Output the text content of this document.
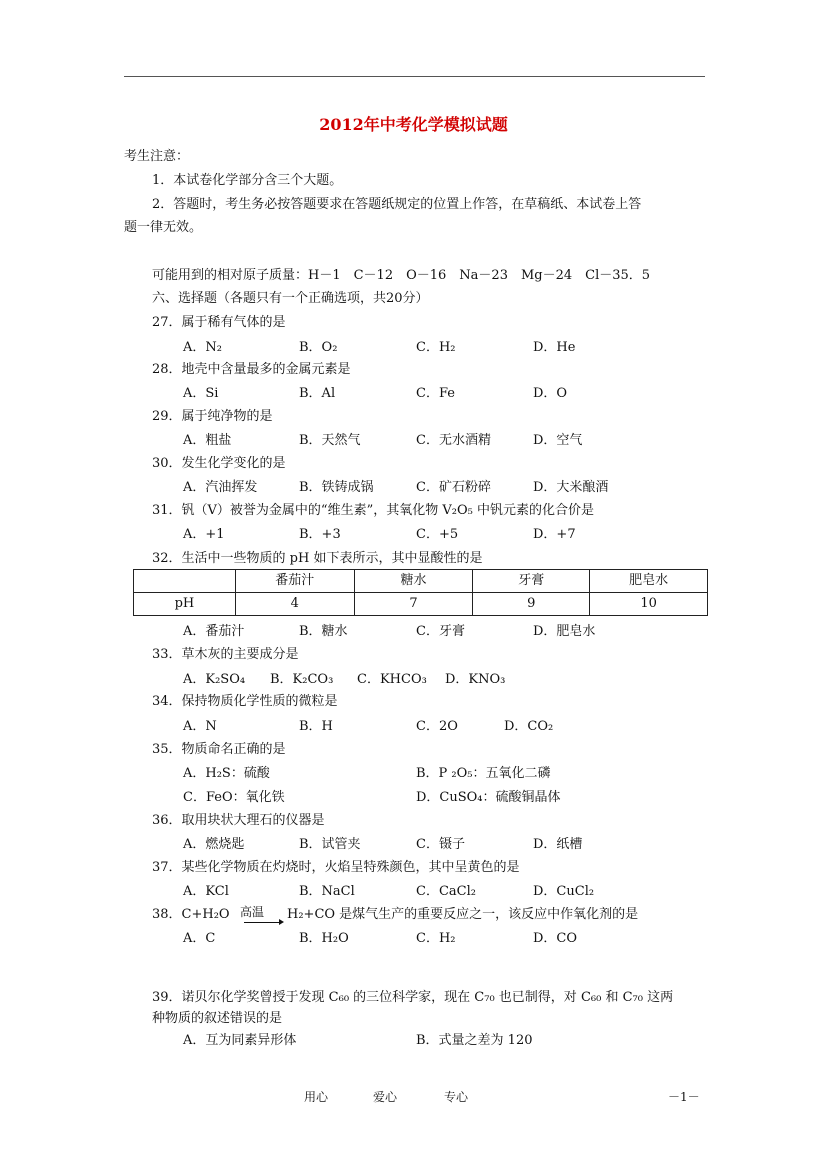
2012年中考化学模拟试题
考生注意：
1．本试卷化学部分含三个大题。
2．答题时，考生务必按答题要求在答题纸规定的位置上作答，在草稿纸、本试卷上答
题一律无效。
可能用到的相对原子质量：H－1　C－12　O－16　Na－23　Mg－24　Cl－35．5
六、选择题（各题只有一个正确选项，共20分）
27．属于稀有气体的是
A．N₂	B．O₂	C．H₂	D．He
28．地壳中含量最多的金属元素是
A．Si	B．Al	C．Fe	D．O
29．属于纯净物的是
A．粗盐	B．天然气	C．无水酒精	D．空气
30．发生化学变化的是
A．汽油挥发	B．铁铸成锅	C．矿石粉碎	D．大米酿酒
31．钒（V）被誉为金属中的“维生素”，其氧化物 V₂O₅ 中钒元素的化合价是
A．+1	B．+3	C．+5	D．+7
32．生活中一些物质的 pH 如下表所示，其中显酸性的是
	番茄汁	糖水	牙膏	肥皂水
pH	4	7	9	10
A．番茄汁	B．糖水	C．牙膏	D．肥皂水
33．草木灰的主要成分是
A．K₂SO₄ B．K₂CO₃ C．KHCO₃ D．KNO₃
34．保持物质化学性质的微粒是
A．N	B．H	C．2O	D．CO₂
35．物质命名正确的是
A．H₂S：硫酸	B．P ₂O₅：五氧化二磷
C．FeO：氧化铁	D．CuSO₄：硫酸铜晶体
36．取用块状大理石的仪器是
A．燃烧匙	B．试管夹	C．镊子	D．纸槽
37．某些化学物质在灼烧时，火焰呈特殊颜色，其中呈黄色的是
A．KCl	B．NaCl	C．CaCl₂	D．CuCl₂
38．C+H₂O 高温 H₂+CO 是煤气生产的重要反应之一，该反应中作氧化剂的是
A．C	B．H₂O	C．H₂	D．CO
39．诺贝尔化学奖曾授于发现 C₆₀ 的三位科学家，现在 C₇₀ 也已制得，对 C₆₀ 和 C₇₀ 这两
种物质的叙述错误的是
A．互为同素异形体	B．式量之差为 120
用心	爱心	专心	－1－
